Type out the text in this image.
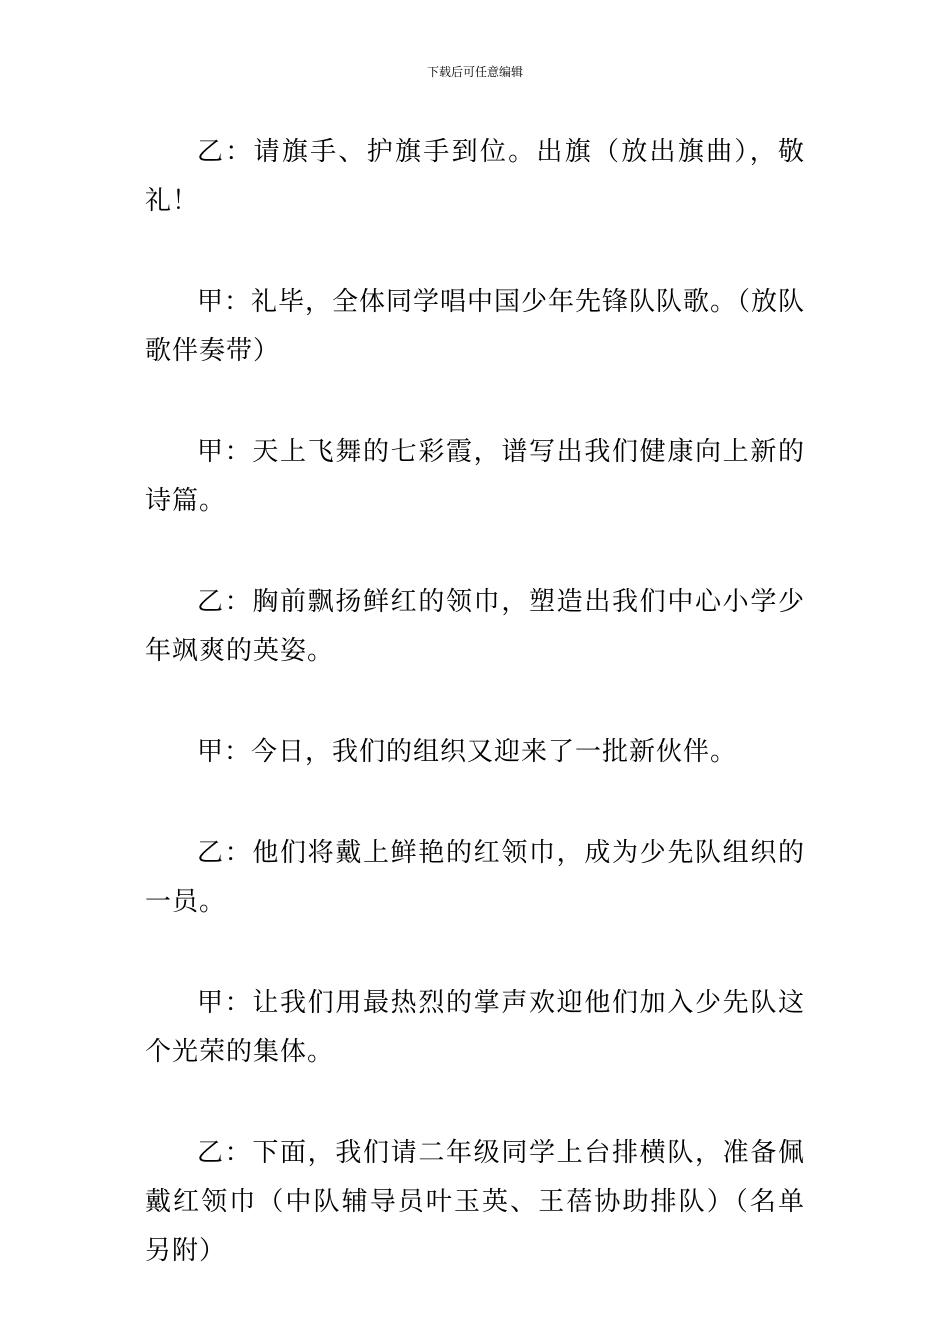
下载后可任意编辑

乙：请旗手、护旗手到位。出旗（放出旗曲），敬礼！

甲：礼毕，全体同学唱中国少年先锋队队歌。（放队歌伴奏带）

甲：天上飞舞的七彩霞，谱写出我们健康向上新的诗篇。

乙：胸前飘扬鲜红的领巾，塑造出我们中心小学少年飒爽的英姿。

甲：今日，我们的组织又迎来了一批新伙伴。

乙：他们将戴上鲜艳的红领巾，成为少先队组织的一员。

甲：让我们用最热烈的掌声欢迎他们加入少先队这个光荣的集体。

乙：下面，我们请二年级同学上台排横队，准备佩戴红领巾（中队辅导员叶玉英、王蓓协助排队）（名单另附）
